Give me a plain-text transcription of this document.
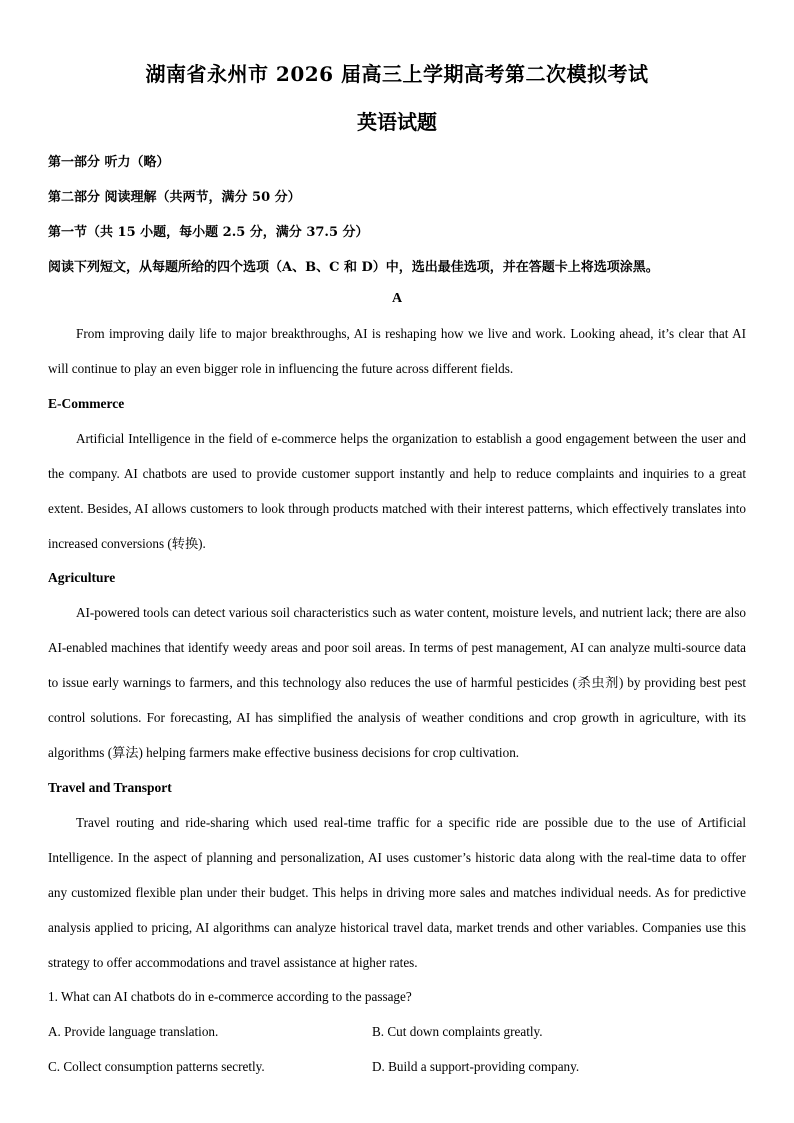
湖南省永州市 2026 届高三上学期高考第二次模拟考试
英语试题
第一部分 听力（略）
第二部分 阅读理解（共两节，满分 50 分）
第一节（共 15 小题，每小题 2.5 分，满分 37.5 分）
阅读下列短文，从每题所给的四个选项（A、B、C 和 D）中，选出最佳选项，并在答题卡上将选项涂黑。
A

From improving daily life to major breakthroughs, AI is reshaping how we live and work. Looking ahead, it’s clear that AI will continue to play an even bigger role in influencing the future across different fields.

E-Commerce

Artificial Intelligence in the field of e-commerce helps the organization to establish a good engagement between the user and the company. AI chatbots are used to provide customer support instantly and help to reduce complaints and inquiries to a great extent. Besides, AI allows customers to look through products matched with their interest patterns, which effectively translates into increased conversions (转换).

Agriculture

AI-powered tools can detect various soil characteristics such as water content, moisture levels, and nutrient lack; there are also AI-enabled machines that identify weedy areas and poor soil areas. In terms of pest management, AI can analyze multi-source data to issue early warnings to farmers, and this technology also reduces the use of harmful pesticides (杀虫剂) by providing best pest control solutions. For forecasting, AI has simplified the analysis of weather conditions and crop growth in agriculture, with its algorithms (算法) helping farmers make effective business decisions for crop cultivation.

Travel and Transport

Travel routing and ride-sharing which used real-time traffic for a specific ride are possible due to the use of Artificial Intelligence. In the aspect of planning and personalization, AI uses customer’s historic data along with the real-time data to offer any customized flexible plan under their budget. This helps in driving more sales and matches individual needs. As for predictive analysis applied to pricing, AI algorithms can analyze historical travel data, market trends and other variables. Companies use this strategy to offer accommodations and travel assistance at higher rates.

1. What can AI chatbots do in e-commerce according to the passage?
A. Provide language translation.	B. Cut down complaints greatly.
C. Collect consumption patterns secretly.	D. Build a support-providing company.
